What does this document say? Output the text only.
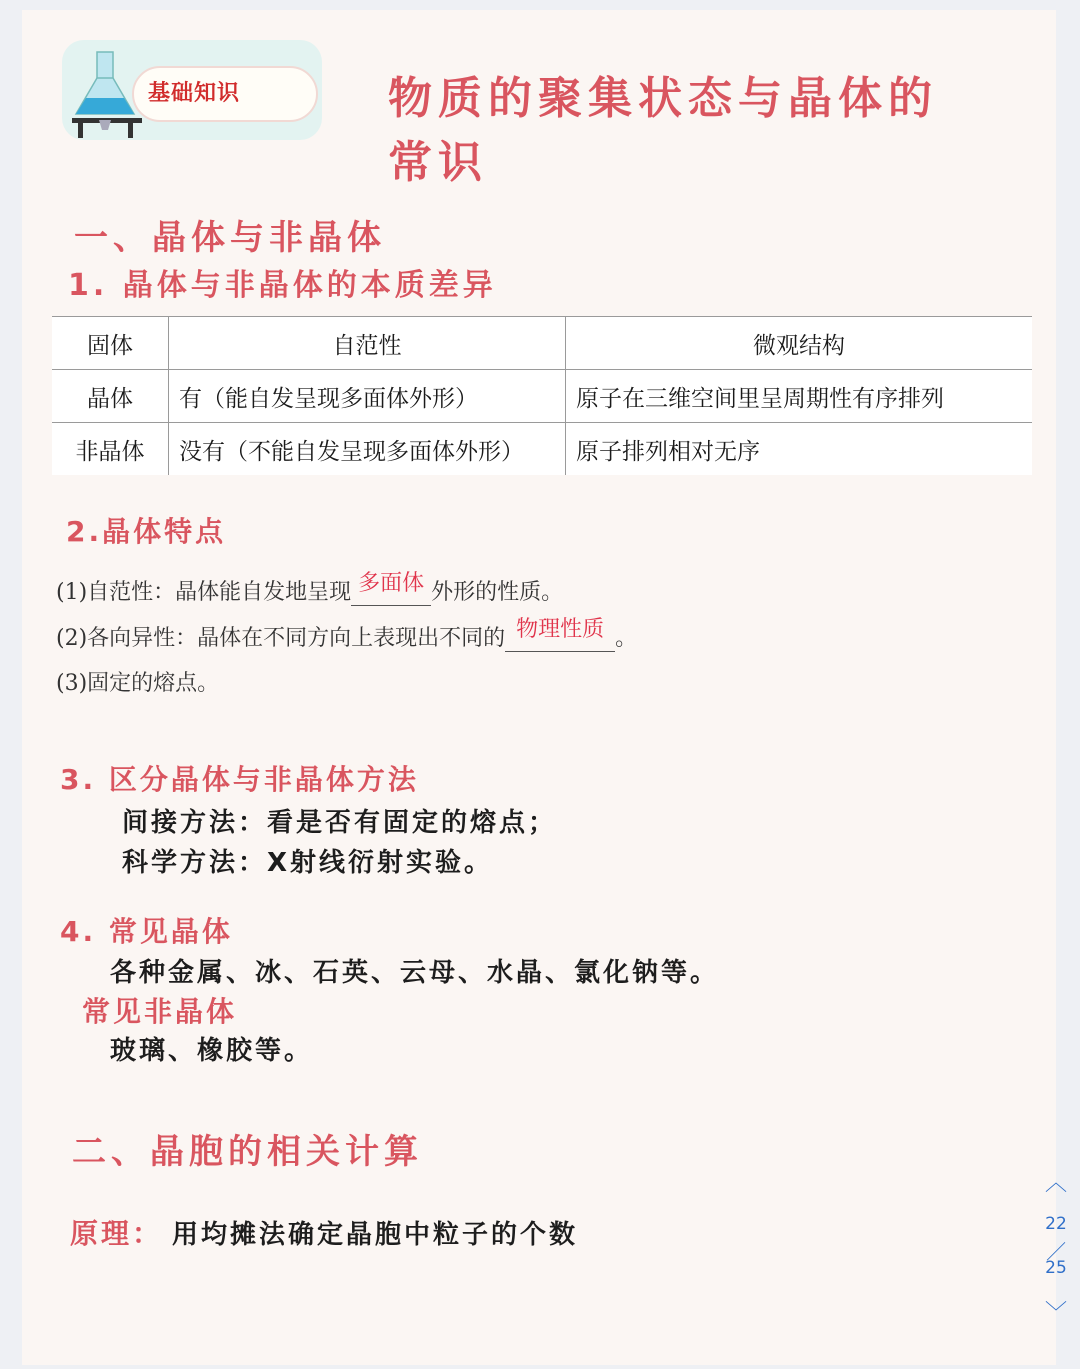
基础知识	物质的聚集状态与晶体的
常识
一、晶体与非晶体
1. 晶体与非晶体的本质差异
固体	自范性	微观结构
晶体	有（能自发呈现多面体外形）	原子在三维空间里呈周期性有序排列
非晶体	没有（不能自发呈现多面体外形）	原子排列相对无序
2.晶体特点
(1)自范性：晶体能自发地呈现 多面体 外形的性质。
(2)各向异性：晶体在不同方向上表现出不同的 物理性质 。
(3)固定的熔点。
3. 区分晶体与非晶体方法
间接方法：看是否有固定的熔点；
科学方法：X射线衍射实验。
4. 常见晶体
各种金属、冰、石英、云母、水晶、氯化钠等。
常见非晶体
玻璃、橡胶等。
二、晶胞的相关计算
原理： 用均摊法确定晶胞中粒子的个数
︿
22
／
25
﹀
